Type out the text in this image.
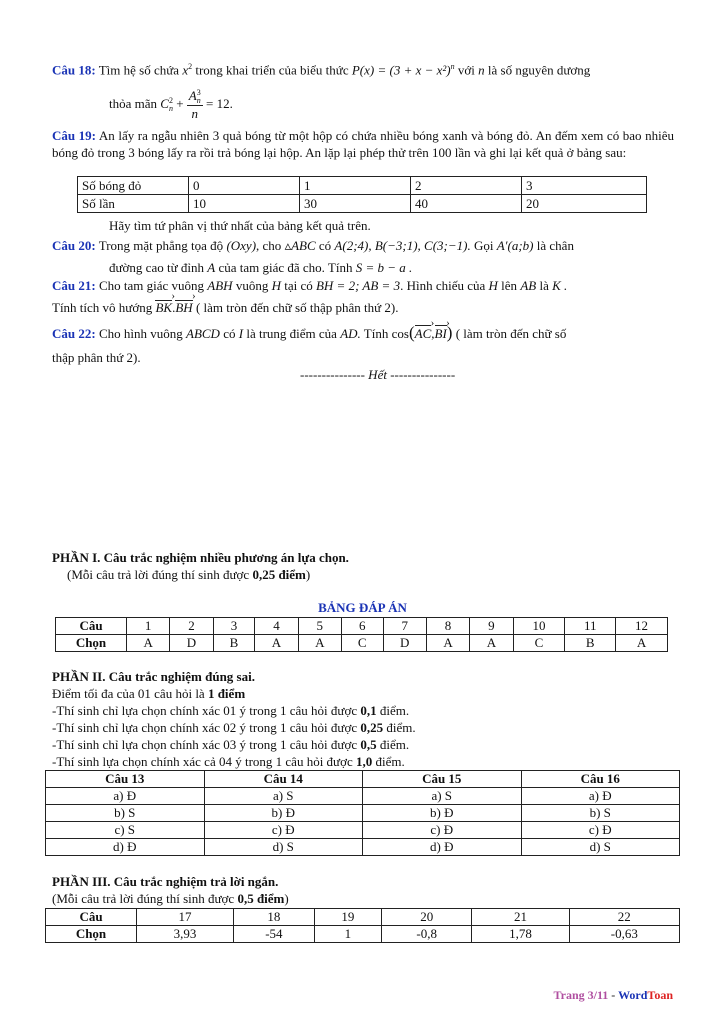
Câu 18: Tìm hệ số chứa $x^2$ trong khai triển của biểu thức $P(x) = (3 + x - x^2)^n$ với n là số nguyên dương
thỏa mãn C 2
n + A 3
n
n = 12.
Câu 19: An lấy ra ngẫu nhiên 3 quả bóng từ một hộp có chứa nhiều bóng xanh và bóng đỏ. An đếm xem có bao nhiêu bóng đỏ trong 3 bóng lấy ra rồi trả bóng lại hộp. An lặp lại phép thử trên 100 lần và ghi lại kết quả ở bảng sau:
Số bóng đỏ	0	1	2	3
Số lần	10	30	40	20
Hãy tìm tứ phân vị thứ nhất của bảng kết quả trên.
Câu 20: Trong mặt phẳng tọa độ (Oxy), cho ▵ABC có A(2;4), B(−3;1), C(3;−1). Gọi A′(a;b) là chân
đường cao từ đỉnh A của tam giác đã cho. Tính S = b − a .
Câu 21: Cho tam giác vuông ABH vuông H tại có BH = 2; AB = 3. Hình chiếu của H lên AB là K .
Tính tích vô hướng BK ›.BH › ( làm tròn đến chữ số thập phân thứ 2).
Câu 22: Cho hình vuông ABCD có I là trung điểm của AD. Tính cos(AC ›,BI ›) ( làm tròn đến chữ số
thập phân thứ 2).
--------------- Hết ---------------
PHẦN I. Câu trắc nghiệm nhiều phương án lựa chọn.
(Mỗi câu trả lời đúng thí sinh được 0,25 điểm)
BẢNG ĐÁP ÁN
Câu	1	2	3	4	5	6	7	8	9	10	11	12
Chọn	A	D	B	A	A	C	D	A	A	C	B	A
PHẦN II. Câu trắc nghiệm đúng sai.
Điểm tối đa của 01 câu hỏi là 1 điểm
-Thí sinh chỉ lựa chọn chính xác 01 ý trong 1 câu hỏi được 0,1 điểm.
-Thí sinh chỉ lựa chọn chính xác 02 ý trong 1 câu hỏi được 0,25 điểm.
-Thí sinh chỉ lựa chọn chính xác 03 ý trong 1 câu hỏi được 0,5 điểm.
-Thí sinh lựa chọn chính xác cả 04 ý trong 1 câu hỏi được 1,0 điểm.
Câu 13	Câu 14	Câu 15	Câu 16
a) Đ	a) S	a) S	a) Đ
b) S	b) Đ	b) Đ	b) S
c) S	c) Đ	c) Đ	c) Đ
d) Đ	d) S	d) Đ	d) S
PHẦN III. Câu trắc nghiệm trả lời ngắn.
(Mỗi câu trả lời đúng thí sinh được 0,5 điểm)
Câu	17	18	19	20	21	22
Chọn	3,93	-54	1	-0,8	1,78	-0,63
Trang 3/11 - WordToan
